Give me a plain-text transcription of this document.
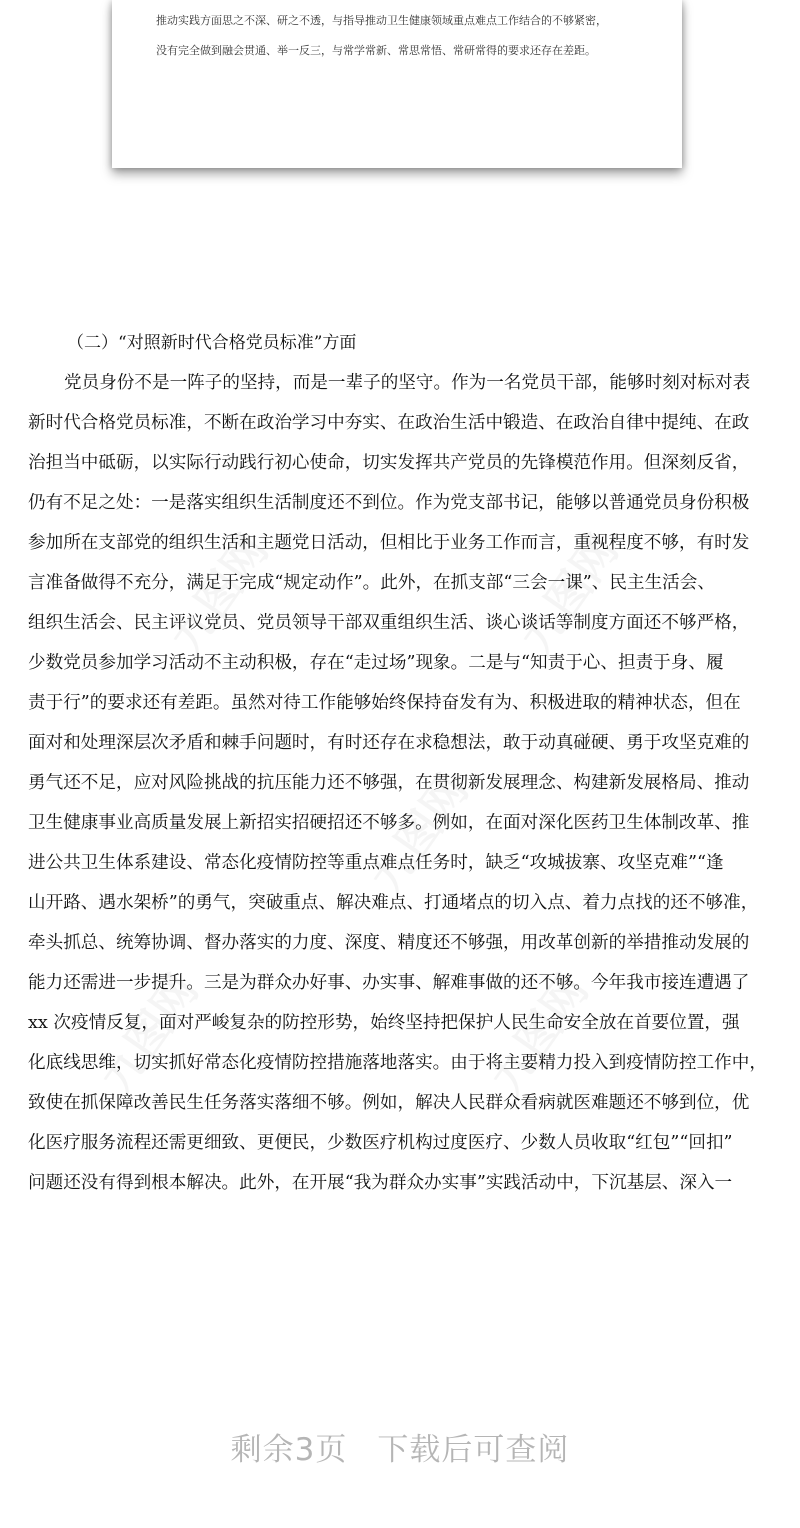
推动实践方面思之不深、研之不透，与指导推动卫生健康领域重点难点工作结合的不够紧密，

没有完全做到融会贯通、举一反三，与常学常新、常思常悟、常研常得的要求还存在差距。

九图网	九图网
九图网
九图网	九图网

（二）“对照新时代合格党员标准”方面

党员身份不是一阵子的坚持，而是一辈子的坚守。作为一名党员干部，能够时刻对标对表

新时代合格党员标准，不断在政治学习中夯实、在政治生活中锻造、在政治自律中提纯、在政

治担当中砥砺，以实际行动践行初心使命，切实发挥共产党员的先锋模范作用。但深刻反省，

仍有不足之处：一是落实组织生活制度还不到位。作为党支部书记，能够以普通党员身份积极

参加所在支部党的组织生活和主题党日活动，但相比于业务工作而言，重视程度不够，有时发

言准备做得不充分，满足于完成“规定动作”。此外，在抓支部“三会一课”、民主生活会、

组织生活会、民主评议党员、党员领导干部双重组织生活、谈心谈话等制度方面还不够严格，

少数党员参加学习活动不主动积极，存在“走过场”现象。二是与“知责于心、担责于身、履

责于行”的要求还有差距。虽然对待工作能够始终保持奋发有为、积极进取的精神状态，但在

面对和处理深层次矛盾和棘手问题时，有时还存在求稳想法，敢于动真碰硬、勇于攻坚克难的

勇气还不足，应对风险挑战的抗压能力还不够强，在贯彻新发展理念、构建新发展格局、推动

卫生健康事业高质量发展上新招实招硬招还不够多。例如，在面对深化医药卫生体制改革、推

进公共卫生体系建设、常态化疫情防控等重点难点任务时，缺乏“攻城拔寨、攻坚克难”“逢

山开路、遇水架桥”的勇气，突破重点、解决难点、打通堵点的切入点、着力点找的还不够准，

牵头抓总、统筹协调、督办落实的力度、深度、精度还不够强，用改革创新的举措推动发展的

能力还需进一步提升。三是为群众办好事、办实事、解难事做的还不够。今年我市接连遭遇了

xx 次疫情反复，面对严峻复杂的防控形势，始终坚持把保护人民生命安全放在首要位置，强

化底线思维，切实抓好常态化疫情防控措施落地落实。由于将主要精力投入到疫情防控工作中，

致使在抓保障改善民生任务落实落细不够。例如，解决人民群众看病就医难题还不够到位，优

化医疗服务流程还需更细致、更便民，少数医疗机构过度医疗、少数人员收取“红包”“回扣”

问题还没有得到根本解决。此外，在开展“我为群众办实事”实践活动中，下沉基层、深入一

剩余3页 下载后可查阅
